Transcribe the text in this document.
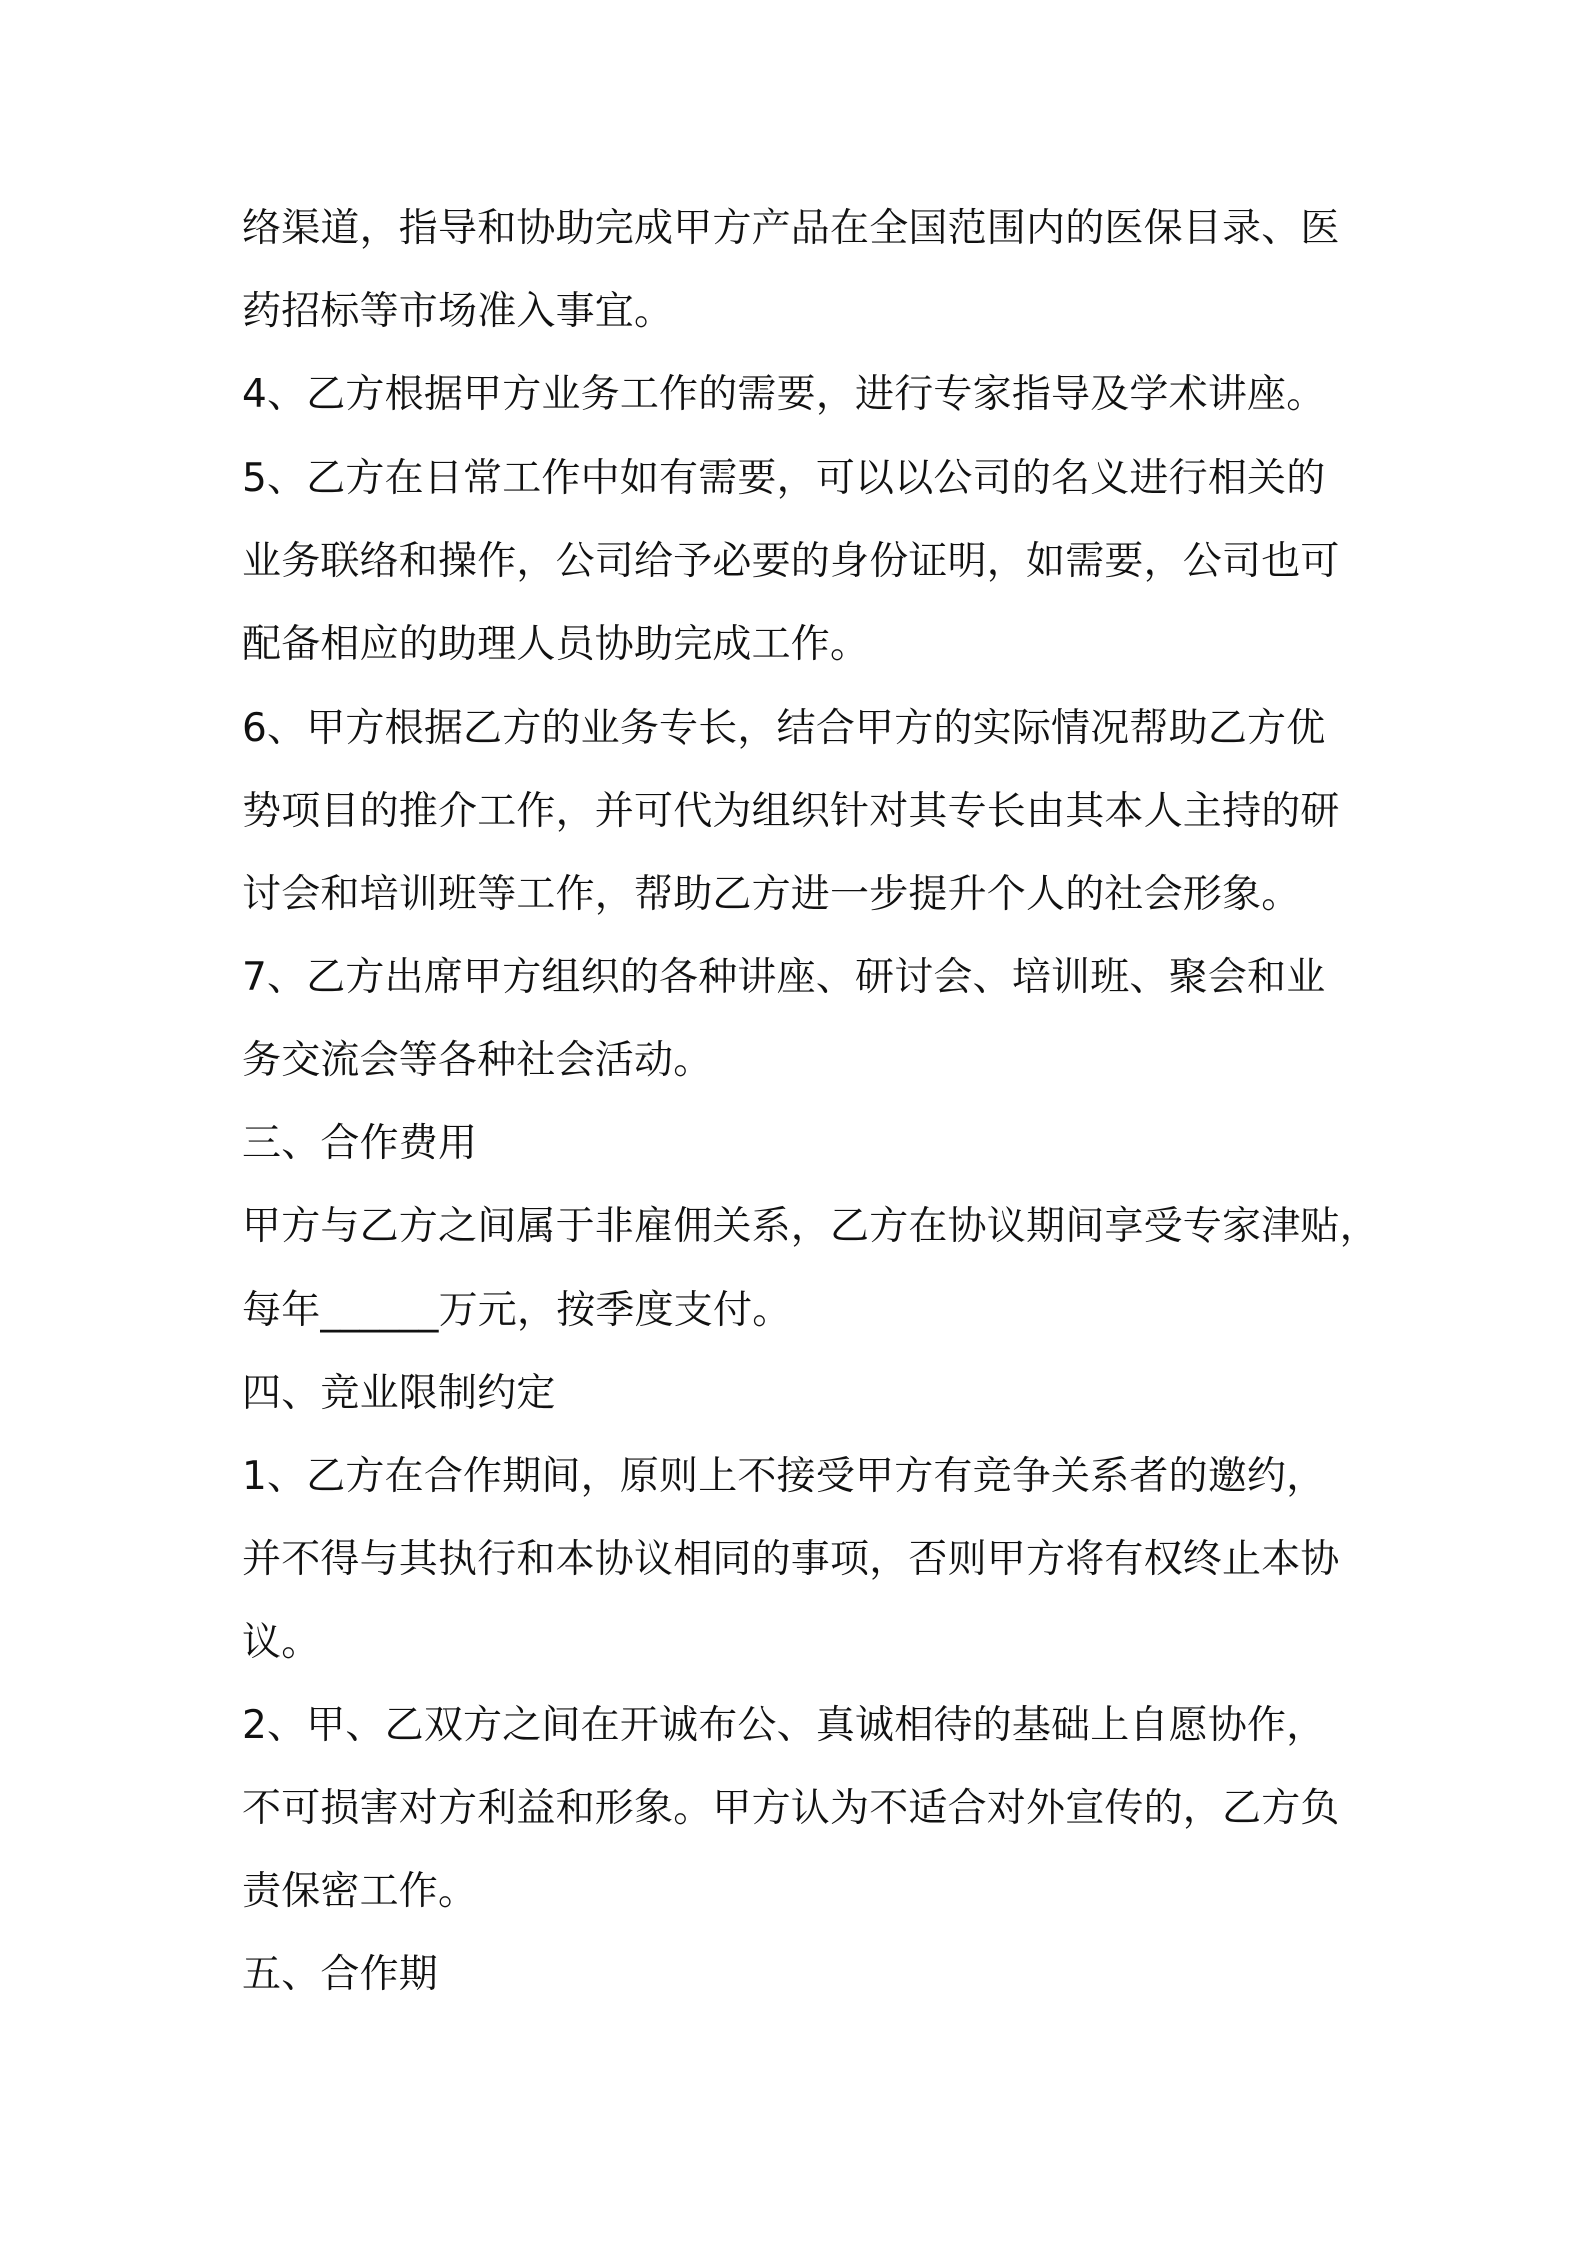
络渠道，指导和协助完成甲方产品在全国范围内的医保目录、医
药招标等市场准入事宜。
4、乙方根据甲方业务工作的需要，进行专家指导及学术讲座。
5、乙方在日常工作中如有需要，可以以公司的名义进行相关的
业务联络和操作，公司给予必要的身份证明，如需要，公司也可
配备相应的助理人员协助完成工作。
6、甲方根据乙方的业务专长，结合甲方的实际情况帮助乙方优
势项目的推介工作，并可代为组织针对其专长由其本人主持的研
讨会和培训班等工作，帮助乙方进一步提升个人的社会形象。
7、乙方出席甲方组织的各种讲座、研讨会、培训班、聚会和业
务交流会等各种社会活动。
三、合作费用
甲方与乙方之间属于非雇佣关系，乙方在协议期间享受专家津贴，
每年______万元，按季度支付。
四、竞业限制约定
1、乙方在合作期间，原则上不接受甲方有竞争关系者的邀约，
并不得与其执行和本协议相同的事项，否则甲方将有权终止本协
议。
2、甲、乙双方之间在开诚布公、真诚相待的基础上自愿协作，
不可损害对方利益和形象。甲方认为不适合对外宣传的，乙方负
责保密工作。
五、合作期
